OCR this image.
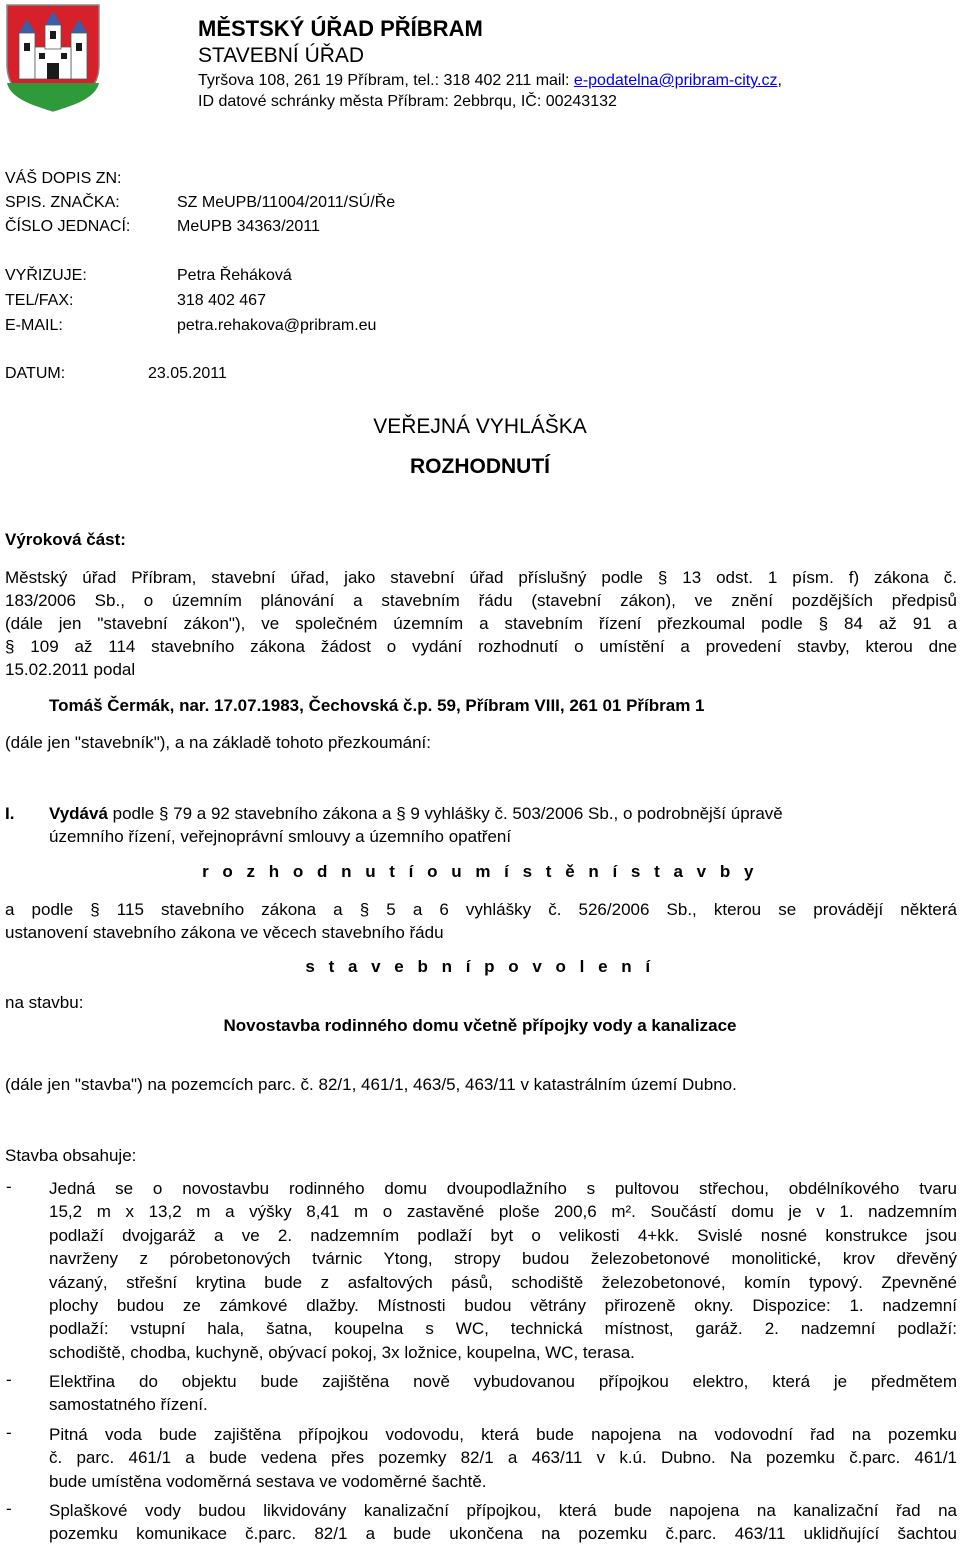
MĚSTSKÝ ÚŘAD PŘÍBRAM
STAVEBNÍ ÚŘAD
Tyršova 108, 261 19 Příbram, tel.: 318 402 211 mail: e-podatelna@pribram-city.cz,
ID datové schránky města Příbram: 2ebbrqu, IČ: 00243132
VÁŠ DOPIS ZN:
SPIS. ZNAČKA:	SZ MeUPB/11004/2011/SÚ/Ře
ČÍSLO JEDNACÍ:	MeUPB 34363/2011
VYŘIZUJE:	Petra Řeháková
TEL/FAX:	318 402 467
E-MAIL:	petra.rehakova@pribram.eu
DATUM:	23.05.2011
VEŘEJNÁ VYHLÁŠKA
ROZHODNUTÍ
Výroková část:
Městský úřad Příbram, stavební úřad, jako stavební úřad příslušný podle § 13 odst. 1 písm. f) zákona č.
183/2006 Sb., o územním plánování a stavebním řádu (stavební zákon), ve znění pozdějších předpisů
(dále jen "stavební zákon"), ve společném územním a stavebním řízení přezkoumal podle § 84 až 91 a
§ 109 až 114 stavebního zákona žádost o vydání rozhodnutí o umístění a provedení stavby, kterou dne
15.02.2011 podal
Tomáš Čermák, nar. 17.07.1983, Čechovská č.p. 59, Příbram VIII, 261 01 Příbram 1
(dále jen "stavebník"), a na základě tohoto přezkoumání:
I. Vydává podle § 79 a 92 stavebního zákona a § 9 vyhlášky č. 503/2006 Sb., o podrobnější úpravě
územního řízení, veřejnoprávní smlouvy a územního opatření
r o z h o d n u t í o u m í s t ě n í s t a v b y
a podle § 115 stavebního zákona a § 5 a 6 vyhlášky č. 526/2006 Sb., kterou se provádějí některá
ustanovení stavebního zákona ve věcech stavebního řádu
s t a v e b n í p o v o l e n í
na stavbu:
Novostavba rodinného domu včetně přípojky vody a kanalizace
(dále jen "stavba") na pozemcích parc. č. 82/1, 461/1, 463/5, 463/11 v katastrálním území Dubno.
Stavba obsahuje:
- Jedná se o novostavbu rodinného domu dvoupodlažního s pultovou střechou, obdélníkového tvaru
15,2 m x 13,2 m a výšky 8,41 m o zastavěné ploše 200,6 m². Součástí domu je v 1. nadzemním
podlaží dvojgaráž a ve 2. nadzemním podlaží byt o velikosti 4+kk. Svislé nosné konstrukce jsou
navrženy z pórobetonových tvárnic Ytong, stropy budou železobetonové monolitické, krov dřevěný
vázaný, střešní krytina bude z asfaltových pásů, schodiště železobetonové, komín typový. Zpevněné
plochy budou ze zámkové dlažby. Místnosti budou větrány přirozeně okny. Dispozice: 1. nadzemní
podlaží: vstupní hala, šatna, koupelna s WC, technická místnost, garáž. 2. nadzemní podlaží:
schodiště, chodba, kuchyně, obývací pokoj, 3x ložnice, koupelna, WC, terasa.
- Elektřina do objektu bude zajištěna nově vybudovanou přípojkou elektro, která je předmětem
samostatného řízení.
- Pitná voda bude zajištěna přípojkou vodovodu, která bude napojena na vodovodní řad na pozemku
č. parc. 461/1 a bude vedena přes pozemky 82/1 a 463/11 v k.ú. Dubno. Na pozemku č.parc. 461/1
bude umístěna vodoměrná sestava ve vodoměrné šachtě.
- Splaškové vody budou likvidovány kanalizační přípojkou, která bude napojena na kanalizační řad na
pozemku komunikace č.parc. 82/1 a bude ukončena na pozemku č.parc. 463/11 uklidňující šachtou
